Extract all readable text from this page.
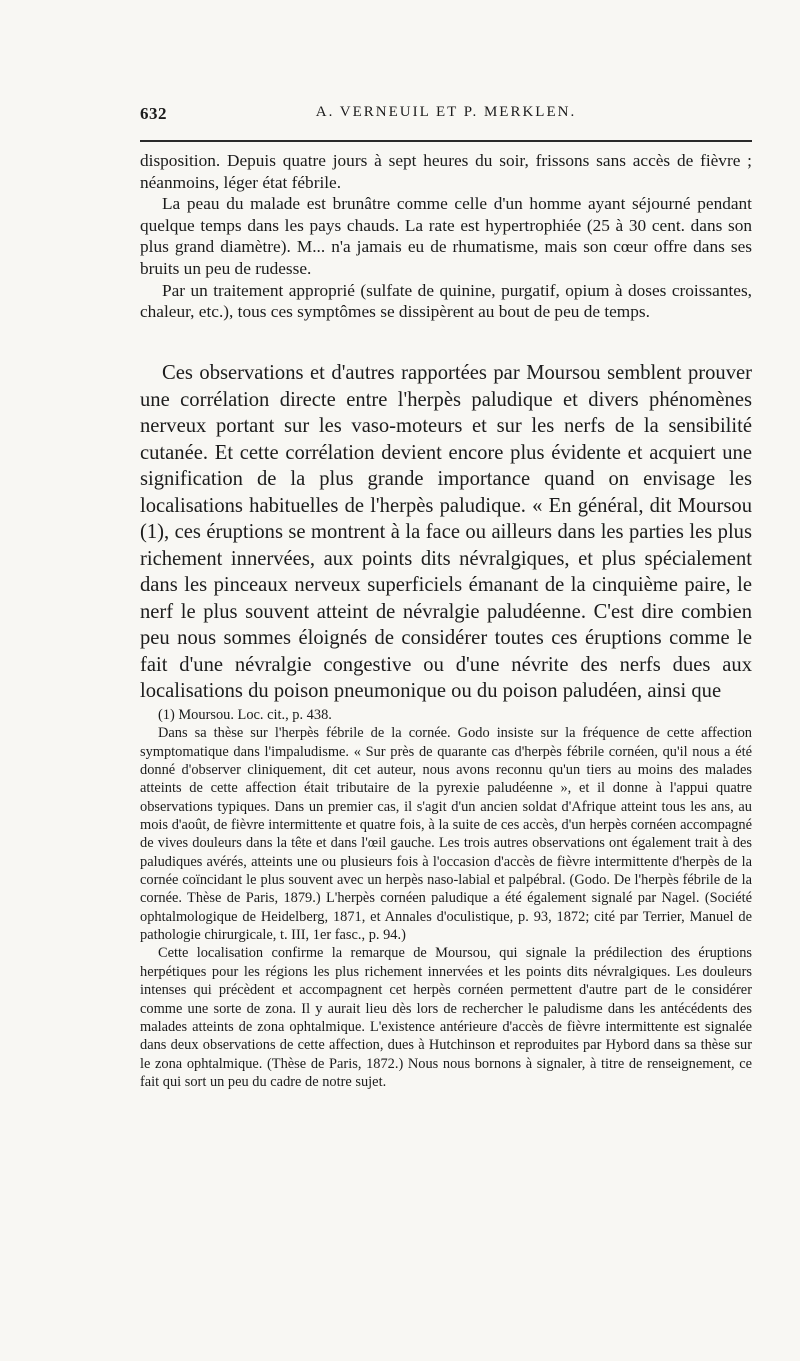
632	A. VERNEUIL ET P. MERKLEN.

disposition. Depuis quatre jours à sept heures du soir, frissons sans accès de fièvre ; néanmoins, léger état fébrile.

La peau du malade est brunâtre comme celle d'un homme ayant séjourné pendant quelque temps dans les pays chauds. La rate est hypertrophiée (25 à 30 cent. dans son plus grand diamètre). M... n'a jamais eu de rhumatisme, mais son cœur offre dans ses bruits un peu de rudesse.

Par un traitement approprié (sulfate de quinine, purgatif, opium à doses croissantes, chaleur, etc.), tous ces symptômes se dissipèrent au bout de peu de temps.

Ces observations et d'autres rapportées par Moursou semblent prouver une corrélation directe entre l'herpès paludique et divers phénomènes nerveux portant sur les vaso-moteurs et sur les nerfs de la sensibilité cutanée. Et cette corrélation devient encore plus évidente et acquiert une signification de la plus grande importance quand on envisage les localisations habituelles de l'herpès paludique. « En général, dit Moursou (1), ces éruptions se montrent à la face ou ailleurs dans les parties les plus richement innervées, aux points dits névralgiques, et plus spécialement dans les pinceaux nerveux superficiels émanant de la cinquième paire, le nerf le plus souvent atteint de névralgie paludéenne. C'est dire combien peu nous sommes éloignés de considérer toutes ces éruptions comme le fait d'une névralgie congestive ou d'une névrite des nerfs dues aux localisations du poison pneumonique ou du poison paludéen, ainsi que

(1) Moursou. Loc. cit., p. 438.

Dans sa thèse sur l'herpès fébrile de la cornée. Godo insiste sur la fréquence de cette affection symptomatique dans l'impaludisme. « Sur près de quarante cas d'herpès fébrile cornéen, qu'il nous a été donné d'observer cliniquement, dit cet auteur, nous avons reconnu qu'un tiers au moins des malades atteints de cette affection était tributaire de la pyrexie paludéenne », et il donne à l'appui quatre observations typiques. Dans un premier cas, il s'agit d'un ancien soldat d'Afrique atteint tous les ans, au mois d'août, de fièvre intermittente et quatre fois, à la suite de ces accès, d'un herpès cornéen accompagné de vives douleurs dans la tête et dans l'œil gauche. Les trois autres observations ont également trait à des paludiques avérés, atteints une ou plusieurs fois à l'occasion d'accès de fièvre intermittente d'herpès de la cornée coïncidant le plus souvent avec un herpès naso-labial et palpébral. (Godo. De l'herpès fébrile de la cornée. Thèse de Paris, 1879.) L'herpès cornéen paludique a été également signalé par Nagel. (Société ophtalmologique de Heidelberg, 1871, et Annales d'oculistique, p. 93, 1872; cité par Terrier, Manuel de pathologie chirurgicale, t. III, 1er fasc., p. 94.)

Cette localisation confirme la remarque de Moursou, qui signale la prédilection des éruptions herpétiques pour les régions les plus richement innervées et les points dits névralgiques. Les douleurs intenses qui précèdent et accompagnent cet herpès cornéen permettent d'autre part de le considérer comme une sorte de zona. Il y aurait lieu dès lors de rechercher le paludisme dans les antécédents des malades atteints de zona ophtalmique. L'existence antérieure d'accès de fièvre intermittente est signalée dans deux observations de cette affection, dues à Hutchinson et reproduites par Hybord dans sa thèse sur le zona ophtalmique. (Thèse de Paris, 1872.) Nous nous bornons à signaler, à titre de renseignement, ce fait qui sort un peu du cadre de notre sujet.
